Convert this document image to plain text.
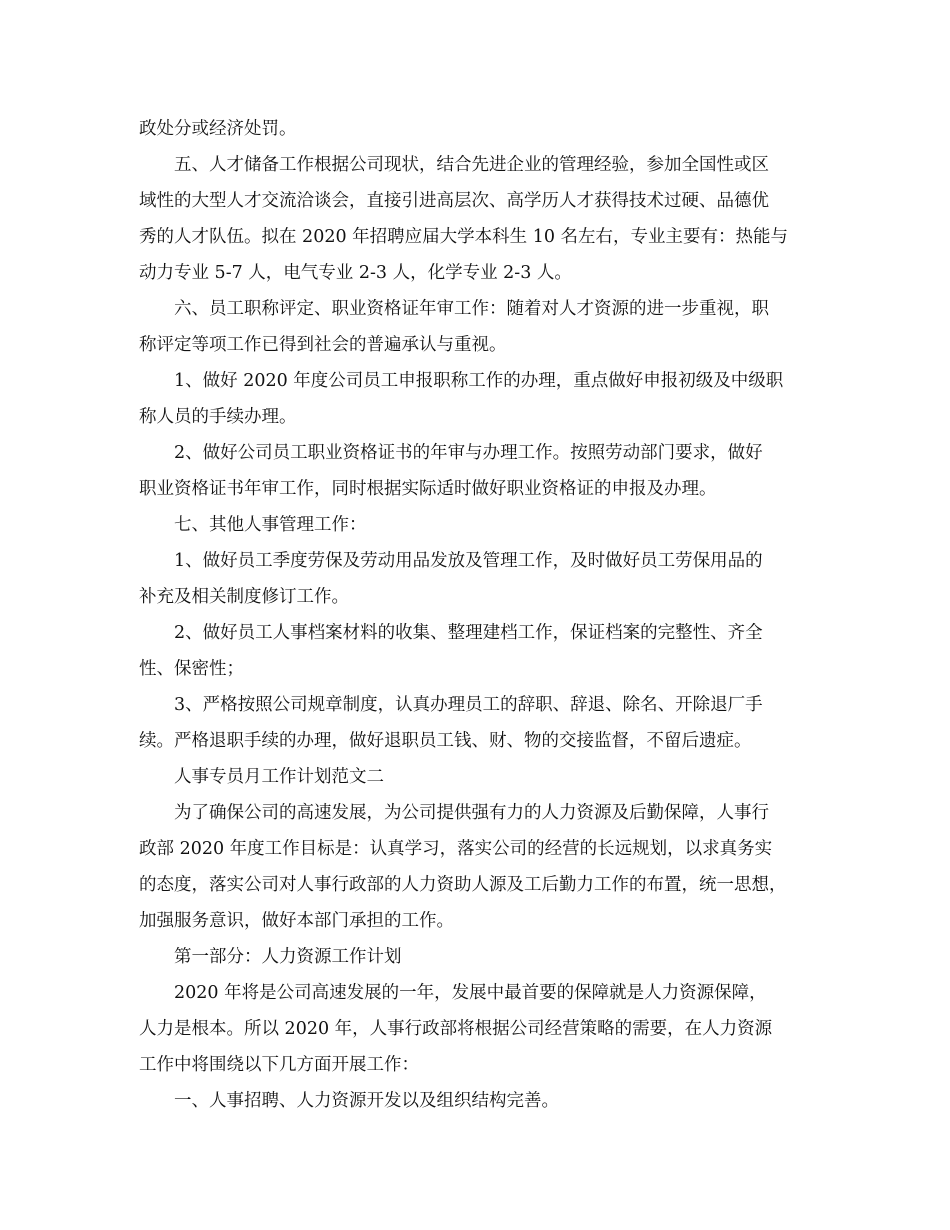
政处分或经济处罚。
五、人才储备工作根据公司现状，结合先进企业的管理经验，参加全国性或区
域性的大型人才交流洽谈会，直接引进高层次、高学历人才获得技术过硬、品德优
秀的人才队伍。拟在 2020 年招聘应届大学本科生 10 名左右，专业主要有：热能与
动力专业 5-7 人，电气专业 2-3 人，化学专业 2-3 人。
六、员工职称评定、职业资格证年审工作：随着对人才资源的进一步重视，职
称评定等项工作已得到社会的普遍承认与重视。
1、做好 2020 年度公司员工申报职称工作的办理，重点做好申报初级及中级职
称人员的手续办理。
2、做好公司员工职业资格证书的年审与办理工作。按照劳动部门要求，做好
职业资格证书年审工作，同时根据实际适时做好职业资格证的申报及办理。
七、其他人事管理工作：
1、做好员工季度劳保及劳动用品发放及管理工作，及时做好员工劳保用品的
补充及相关制度修订工作。
2、做好员工人事档案材料的收集、整理建档工作，保证档案的完整性、齐全
性、保密性；
3、严格按照公司规章制度，认真办理员工的辞职、辞退、除名、开除退厂手
续。严格退职手续的办理，做好退职员工钱、财、物的交接监督，不留后遗症。
人事专员月工作计划范文二
为了确保公司的高速发展，为公司提供强有力的人力资源及后勤保障，人事行
政部 2020 年度工作目标是：认真学习，落实公司的经营的长远规划，以求真务实
的态度，落实公司对人事行政部的人力资助人源及工后勤力工作的布置，统一思想，
加强服务意识，做好本部门承担的工作。
第一部分：人力资源工作计划
2020 年将是公司高速发展的一年，发展中最首要的保障就是人力资源保障，
人力是根本。所以 2020 年，人事行政部将根据公司经营策略的需要，在人力资源
工作中将围绕以下几方面开展工作：
一、人事招聘、人力资源开发以及组织结构完善。
